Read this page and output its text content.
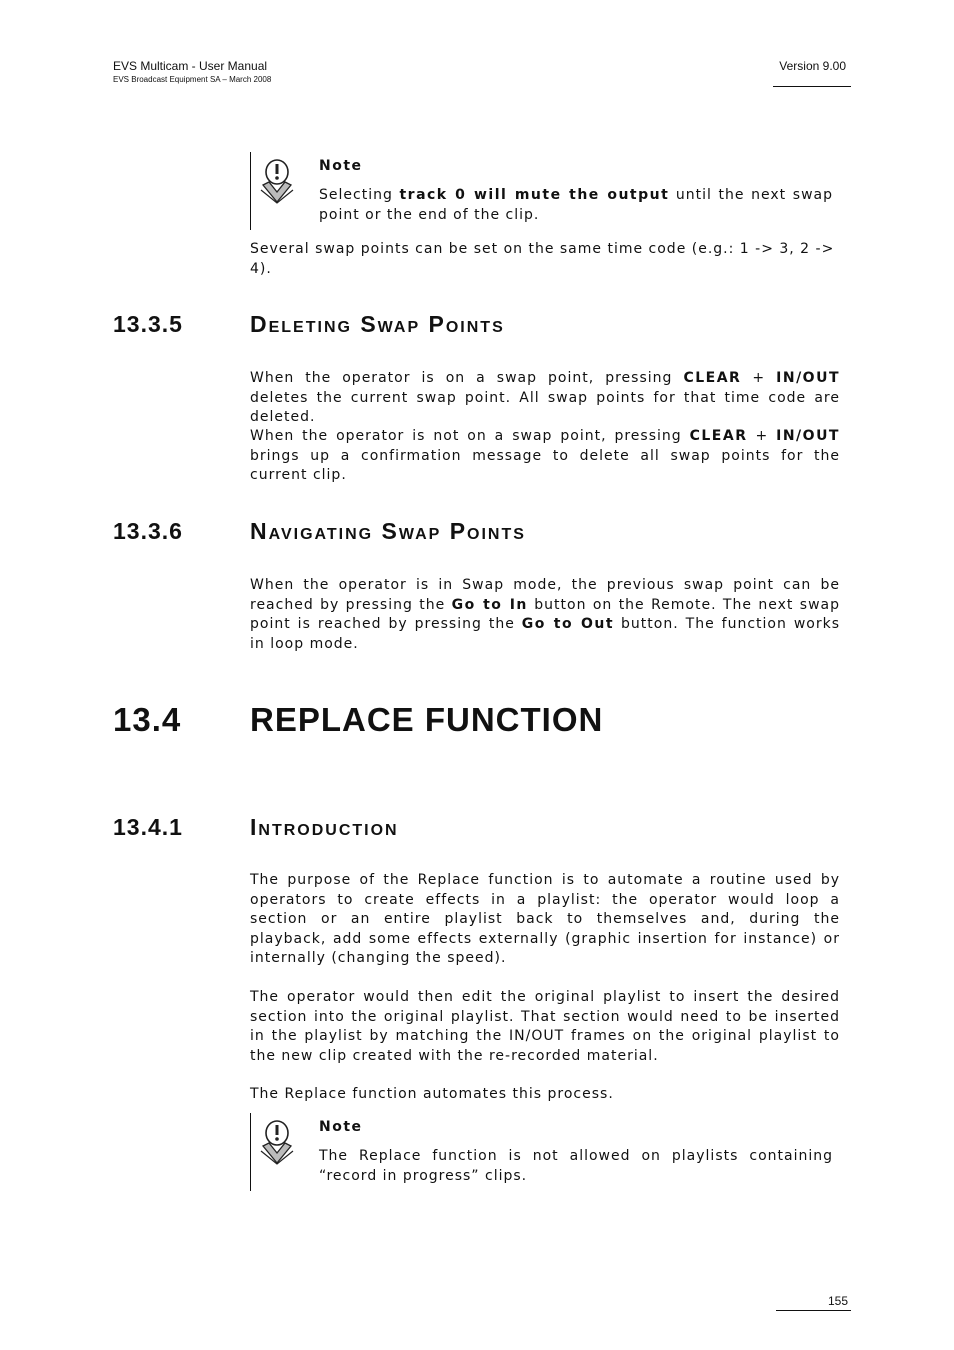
EVS Multicam - User Manual
EVS Broadcast Equipment SA – March 2008
Version 9.00
Note
Selecting track 0 will mute the output until the next swap point or the end of the clip.
Several swap points can be set on the same time code (e.g.: 1 -> 3, 2 -> 4).
13.3.5	Deleting Swap Points
When the operator is on a swap point, pressing CLEAR + IN/OUT deletes the current swap point. All swap points for that time code are deleted.
When the operator is not on a swap point, pressing CLEAR + IN/OUT brings up a confirmation message to delete all swap points for the current clip.
13.3.6	Navigating Swap Points
When the operator is in Swap mode, the previous swap point can be reached by pressing the Go to In button on the Remote. The next swap point is reached by pressing the Go to Out button. The function works in loop mode.
13.4 REPLACE FUNCTION
13.4.1	Introduction
The purpose of the Replace function is to automate a routine used by operators to create effects in a playlist: the operator would loop a section or an entire playlist back to themselves and, during the playback, add some effects externally (graphic insertion for instance) or internally (changing the speed).
The operator would then edit the original playlist to insert the desired section into the original playlist. That section would need to be inserted in the playlist by matching the IN/OUT frames on the original playlist to the new clip created with the re-recorded material.
The Replace function automates this process.
Note
The Replace function is not allowed on playlists containing “record in progress” clips.
155
